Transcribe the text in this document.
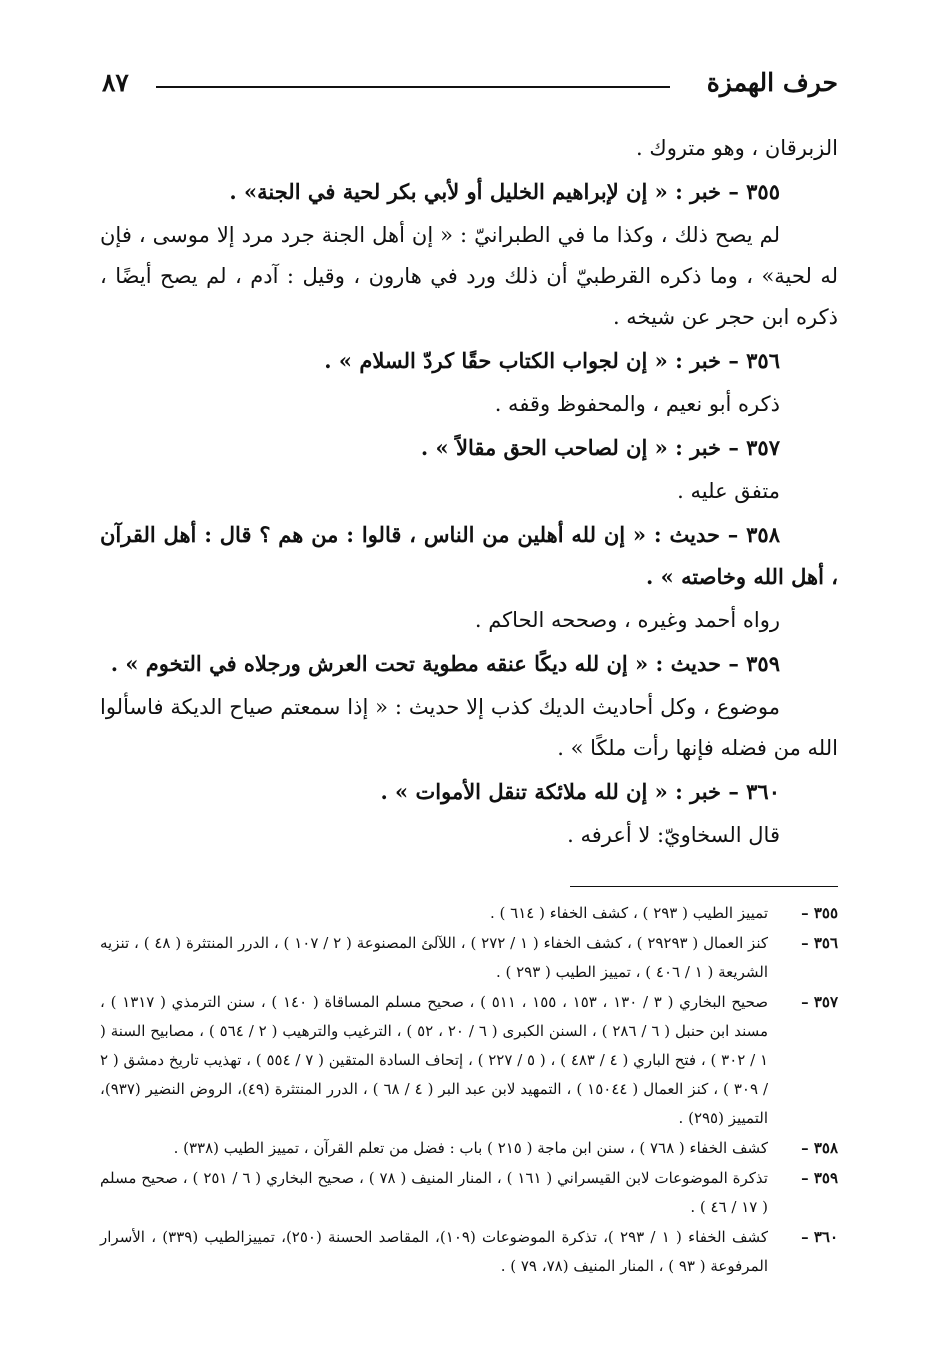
حرف الهمزة
٨٧

الزبرقان ، وهو متروك .

٣٥٥ – خبر : « إن لإبراهيم الخليل أو لأبي بكر لحية في الجنة» .

لم يصح ذلك ، وكذا ما في الطبرانيّ : « إن أهل الجنة جرد مرد إلا موسى ، فإن له لحية» ، وما ذكره القرطبيّ أن ذلك ورد في هارون ، وقيل : آدم ، لم يصح أيضًا ، ذكره ابن حجر عن شيخه .

٣٥٦ – خبر : « إن لجواب الكتاب حقًا كردّ السلام » .

ذكره أبو نعيم ، والمحفوظ وقفه .

٣٥٧ – خبر : « إن لصاحب الحق مقالاً » .

متفق عليه .

٣٥٨ – حديث : « إن لله أهلين من الناس ، قالوا : من هم ؟ قال : أهل القرآن ، أهل الله وخاصته » .

رواه أحمد وغيره ، وصححه الحاكم .

٣٥٩ – حديث : « إن لله ديكًا عنقه مطوية تحت العرش ورجلاه في التخوم » .

موضوع ، وكل أحاديث الديك كذب إلا حديث : « إذا سمعتم صياح الديكة فاسألوا الله من فضله فإنها رأت ملكًا » .

٣٦٠ – خبر : « إن لله ملائكة تنقل الأموات » .

قال السخاويّ: لا أعرفه .

٣٥٥ –
تمييز الطيب ( ٢٩٣ ) ، كشف الخفاء ( ٦١٤ ) .
٣٥٦ –
كنز العمال ( ٢٩٢٩٣ ) ، كشف الخفاء ( ١ / ٢٧٢ ) ، اللآلئ المصنوعة ( ٢ / ١٠٧ ) ، الدرر المنتثرة ( ٤٨ ) ، تنزيه الشريعة ( ١ / ٤٠٦ ) ، تمييز الطيب ( ٢٩٣ ) .
٣٥٧ –
صحيح البخاري ( ٣ / ١٣٠ ، ١٥٣ ، ١٥٥ ، ٥١١ ) ، صحيح مسلم المساقاة ( ١٤٠ ) ، سنن الترمذي ( ١٣١٧ ) ، مسند ابن حنبل ( ٦ / ٢٨٦ ) ، السنن الكبرى ( ٦ / ٢٠ ، ٥٢ ) ، الترغيب والترهيب ( ٢ / ٥٦٤ ) ، مصابيح السنة ( ١ / ٣٠٢ ) ، فتح الباري ( ٤ / ٤٨٣ ) ، ( ٥ / ٢٢٧ ) ، إتحاف السادة المتقين ( ٧ / ٥٥٤ ) ، تهذيب تاريخ دمشق ( ٢ / ٣٠٩ ) ، كنز العمال ( ١٥٠٤٤ ) ، التمهيد لابن عبد البر ( ٤ / ٦٨ ) ، الدرر المنتثرة (٤٩)، الروض النضير (٩٣٧)، التمييز (٢٩٥) .
٣٥٨ –
كشف الخفاء ( ٧٦٨ ) ، سنن ابن ماجة ( ٢١٥ ) باب : فضل من تعلم القرآن ، تمييز الطيب (٣٣٨) .
٣٥٩ –
تذكرة الموضوعات لابن القيسراني ( ١٦١ ) ، المنار المنيف ( ٧٨ ) ، صحيح البخاري ( ٦ / ٢٥١ ) ، صحيح مسلم ( ١٧ / ٤٦ ) .
٣٦٠ –
كشف الخفاء ( ١ / ٢٩٣ )، تذكرة الموضوعات (١٠٩)، المقاصد الحسنة (٢٥٠)، تمييزالطيب (٣٣٩) ، الأسرار المرفوعة ( ٩٣ ) ، المنار المنيف (٧٨، ٧٩ ) .
